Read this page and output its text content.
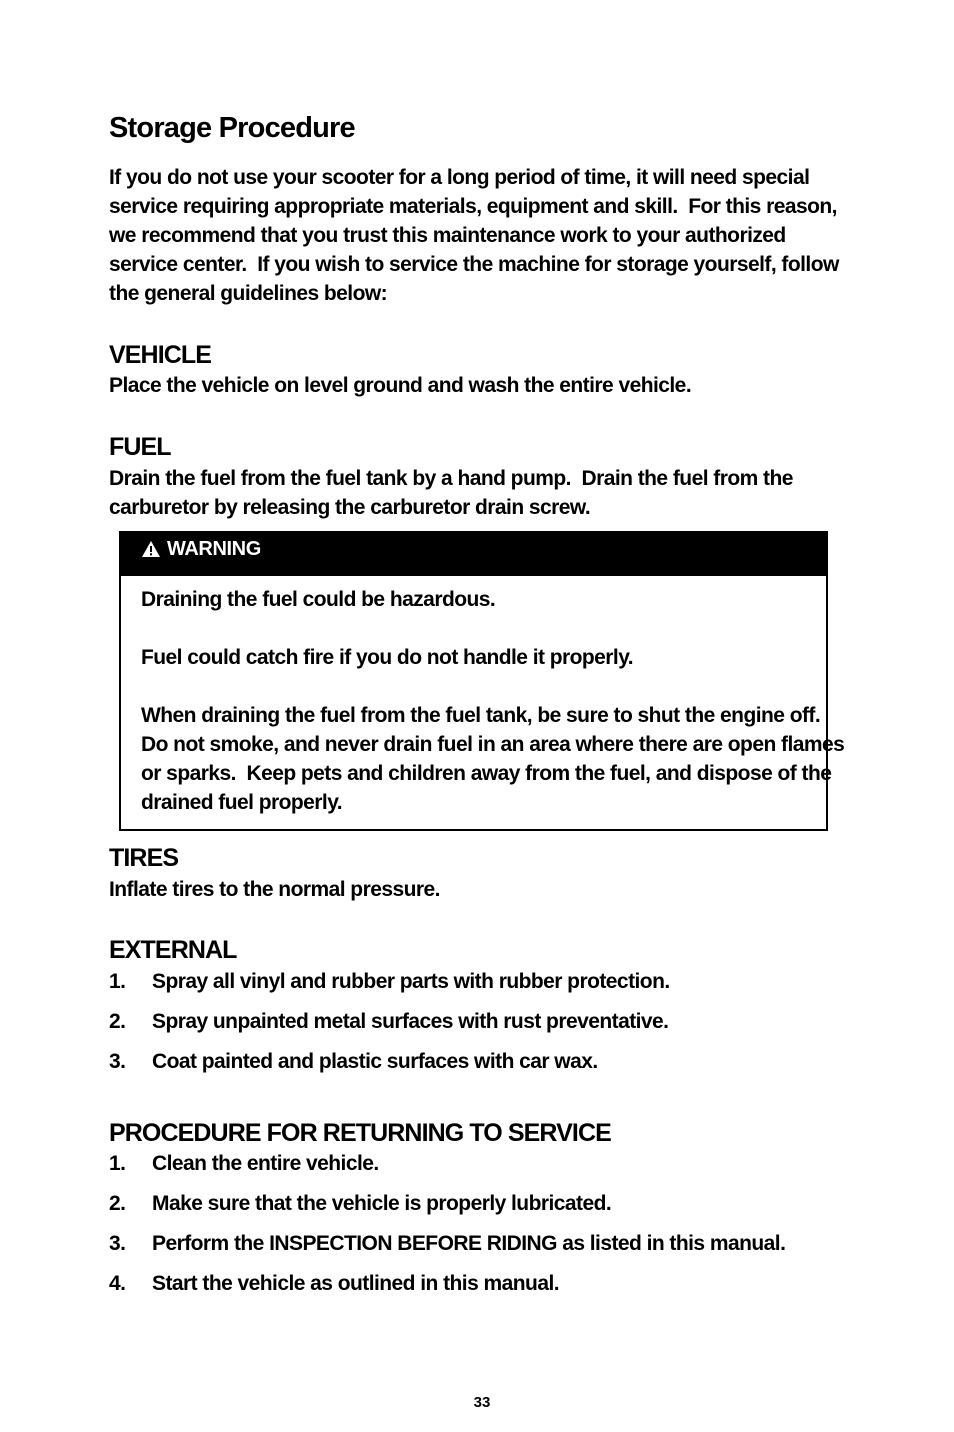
Storage Procedure
If you do not use your scooter for a long period of time, it will need special
service requiring appropriate materials, equipment and skill.  For this reason,
we recommend that you trust this maintenance work to your authorized
service center.  If you wish to service the machine for storage yourself, follow
the general guidelines below:
VEHICLE
Place the vehicle on level ground and wash the entire vehicle.
FUEL
Drain the fuel from the fuel tank by a hand pump.  Drain the fuel from the
carburetor by releasing the carburetor drain screw.
WARNING
Draining the fuel could be hazardous.
Fuel could catch fire if you do not handle it properly.
When draining the fuel from the fuel tank, be sure to shut the engine off.
Do not smoke, and never drain fuel in an area where there are open flames
or sparks.  Keep pets and children away from the fuel, and dispose of the
drained fuel properly.
TIRES
Inflate tires to the normal pressure.
EXTERNAL
1. Spray all vinyl and rubber parts with rubber protection.
2. Spray unpainted metal surfaces with rust preventative.
3. Coat painted and plastic surfaces with car wax.
PROCEDURE FOR RETURNING TO SERVICE
1. Clean the entire vehicle.
2. Make sure that the vehicle is properly lubricated.
3. Perform the INSPECTION BEFORE RIDING as listed in this manual.
4. Start the vehicle as outlined in this manual.
33
